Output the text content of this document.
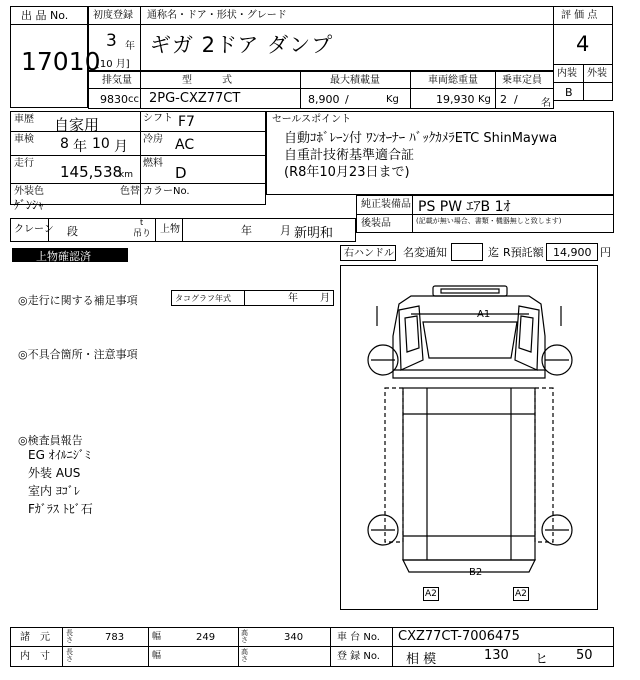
出 品 No.
17010
初度登録 通称名・ドア・形状・グレード
3 年
[10 月]
ギガ 2ドア ダンプ
評 価 点
4
内装 外装
B
排気量	型　　　式	最大積載量	車両総重量 乗車定員
9830 cc 2PG-CXZ77CT	8,900 /	Kg	19,930 Kg 2 / 名
車歴 自家用
車検 8 年 10 月
走行 145,538
km
シフト F7
冷房 AC
燃料
D
外装色
ｹﾞﾝｼｬ
色替 カラーNo.
セールスポイント
自動ｺﾎﾞﾚｰﾝ付 ﾜﾝｵｰﾅｰ ﾊﾞｯｸｶﾒﾗETC ShinMaywa
自重計技術基準適合証
(R8年10月23日まで)
純正装備品 PS PW ｴｱB 1ｵ
後装品	(記載が無い場合、書類・機器無しと致します)
クレーン 段
t
吊り 上物	年	月 新明和
上物確認済	右ハンドル 名変通知	迄 R預託額 14,900 円
◎走行に関する補足事項	タコグラフ年式	年 月
◎不具合箇所・注意事項
◎検査員報告
EG ｵｲﾙﾆｼﾞﾐ
外装 AUS
室内 ﾖｺﾞﾚ
Fｶﾞﾗｽ ﾄﾋﾞ石
A1
B2
A2	A2
諸　元 長さ	783	幅	249	高さ	340	車 台 No. CXZ77CT-7006475
内　寸 長さ	幅	高さ	登 録 No. 相 模	130 ヒ 50
